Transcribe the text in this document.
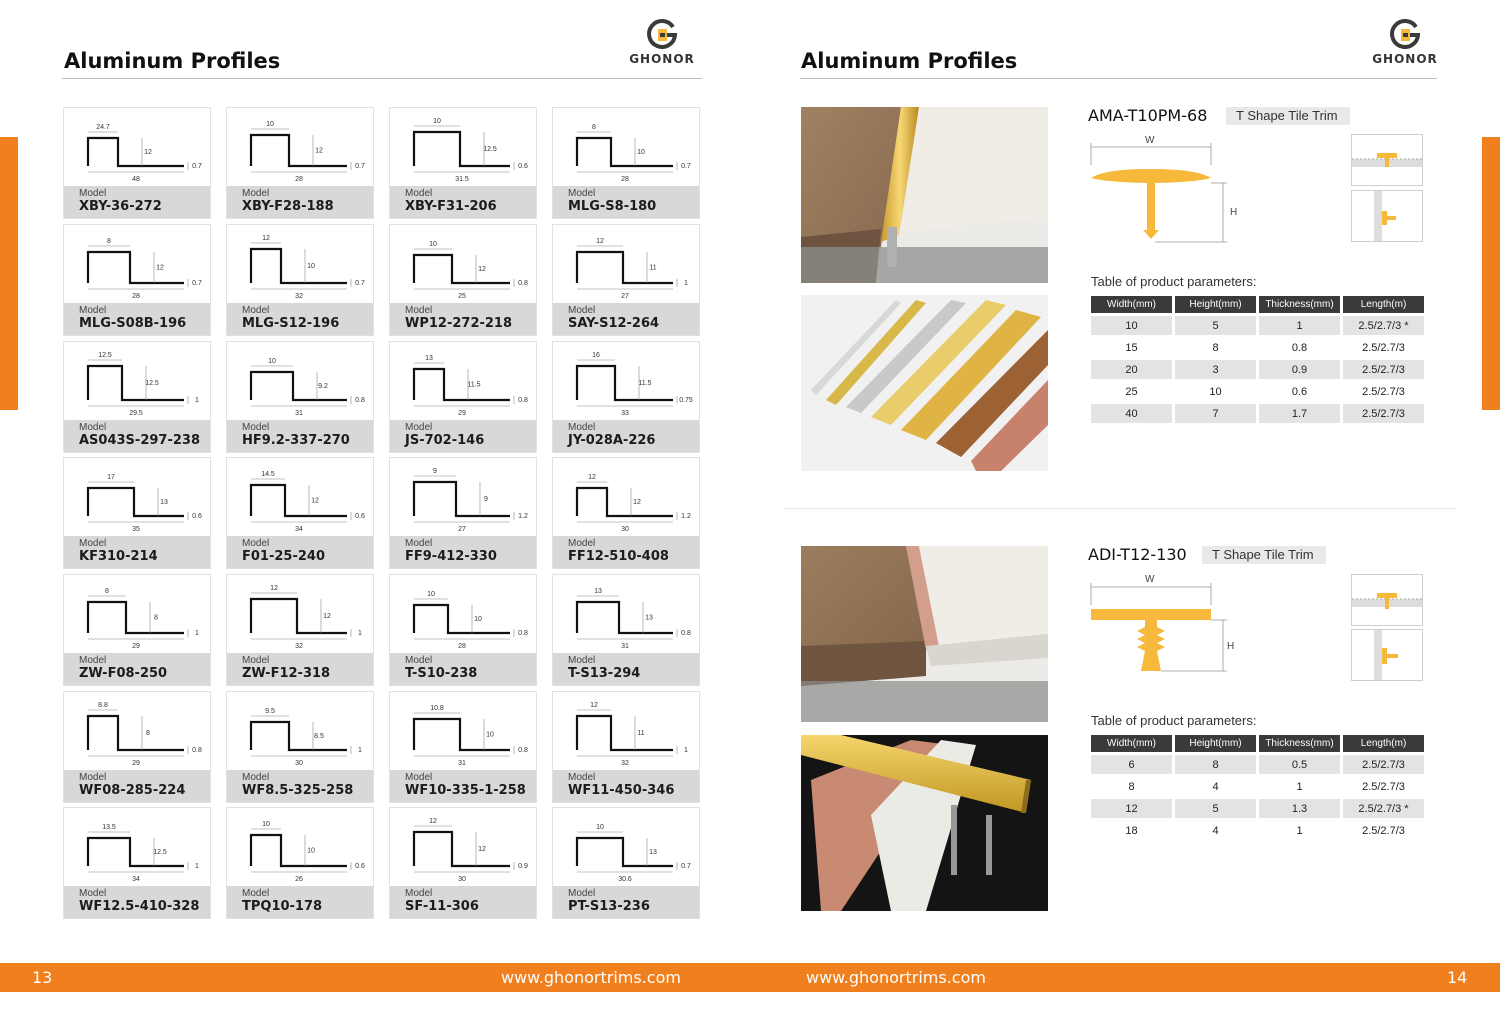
Aluminum Profiles	GHONOR
24.7
12
0.7
48
Model
XBY-36-272
10
12
0.7
28
Model
XBY-F28-188
10
12.5
0.6
31.5
Model
XBY-F31-206
8
10
0.7
28
Model
MLG-S8-180
8
12
0.7
28
Model
MLG-S08B-196
12
10
0.7
32
Model
MLG-S12-196
10
12
0.8
25
Model
WP12-272-218
12
11
1
27
Model
SAY-S12-264
12.5
12.5
1
29.5
Model
AS043S-297-238
10
9.2
0.8
31
Model
HF9.2-337-270
13
11.5
0.8
29
Model
JS-702-146
16
11.5
0.75
33
Model
JY-028A-226
17
13
0.6
35
Model
KF310-214
14.5
12
0.6
34
Model
F01-25-240
9
9
1.2
27
Model
FF9-412-330
12
12
1.2
30
Model
FF12-510-408
8
8
1
29
Model
ZW-F08-250
12
12
1
32
Model
ZW-F12-318
10
10
0.8
28
Model
T-S10-238
13
13
0.8
31
Model
T-S13-294
8.8
8
0.8
29
Model
WF08-285-224
9.5
8.5
1
30
Model
WF8.5-325-258
10.8
10
0.8
31
Model
WF10-335-1-258
12
11
1
32
Model
WF11-450-346
13.5
12.5
1
34
Model
WF12.5-410-328
10
10
0.6
26
Model
TPQ10-178
12
12
0.9
30
Model
SF-11-306
10
13
0.7
30.6
Model
PT-S13-236
Aluminum Profiles	GHONOR
AMA-T10PM-68	T Shape Tile Trim
W
H
Table of product parameters:
Width(mm)	Height(mm)	Thickness(mm)	Length(m)
10	5	1	2.5/2.7/3 *
15	8	0.8	2.5/2.7/3
20	3	0.9	2.5/2.7/3
25	10	0.6	2.5/2.7/3
40	7	1.7	2.5/2.7/3
ADI-T12-130	T Shape Tile Trim
W
H
Table of product parameters:
Width(mm)	Height(mm)	Thickness(mm)	Length(m)
6	8	0.5	2.5/2.7/3
8	4	1	2.5/2.7/3
12	5	1.3	2.5/2.7/3 *
18	4	1	2.5/2.7/3
13	www.ghonortrims.com	www.ghonortrims.com	14
